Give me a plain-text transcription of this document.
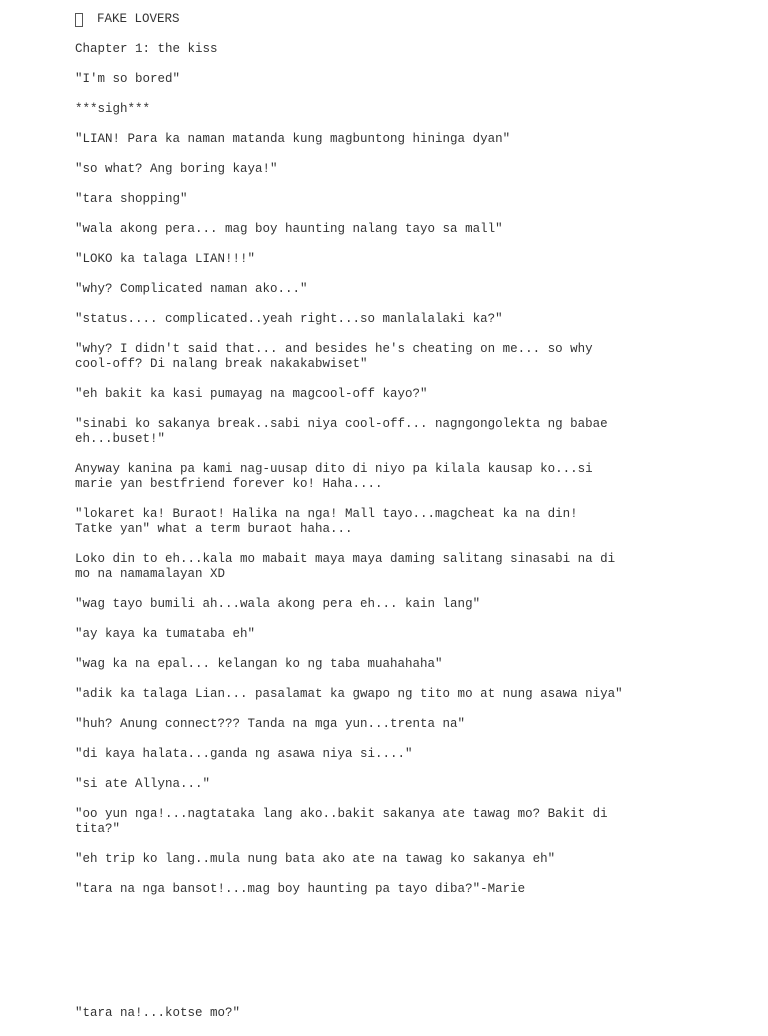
FAKE LOVERS
Chapter 1: the kiss
"I'm so bored"
***sigh***
"LIAN! Para ka naman matanda kung magbuntong hininga dyan"
"so what? Ang boring kaya!"
"tara shopping"
"wala akong pera... mag boy haunting nalang tayo sa mall"
"LOKO ka talaga LIAN!!!"
"why? Complicated naman ako..."
"status.... complicated..yeah right...so manlalalaki ka?"
"why? I didn't said that... and besides he's cheating on me... so why
cool-off? Di nalang break nakakabwiset"
"eh bakit ka kasi pumayag na magcool-off kayo?"
"sinabi ko sakanya break..sabi niya cool-off... nagngongolekta ng babae
eh...buset!"
Anyway kanina pa kami nag-uusap dito di niyo pa kilala kausap ko...si
marie yan bestfriend forever ko! Haha....
"lokaret ka! Buraot! Halika na nga! Mall tayo...magcheat ka na din!
Tatke yan" what a term buraot haha...
Loko din to eh...kala mo mabait maya maya daming salitang sinasabi na di
mo na namamalayan XD
"wag tayo bumili ah...wala akong pera eh... kain lang"
"ay kaya ka tumataba eh"
"wag ka na epal... kelangan ko ng taba muahahaha"
"adik ka talaga Lian... pasalamat ka gwapo ng tito mo at nung asawa niya"
"huh? Anung connect??? Tanda na mga yun...trenta na"
"di kaya halata...ganda ng asawa niya si...."
"si ate Allyna..."
"oo yun nga!...nagtataka lang ako..bakit sakanya ate tawag mo? Bakit di
tita?"
"eh trip ko lang..mula nung bata ako ate na tawag ko sakanya eh"
"tara na nga bansot!...mag boy haunting pa tayo diba?"-Marie
"tara na!...kotse mo?"
